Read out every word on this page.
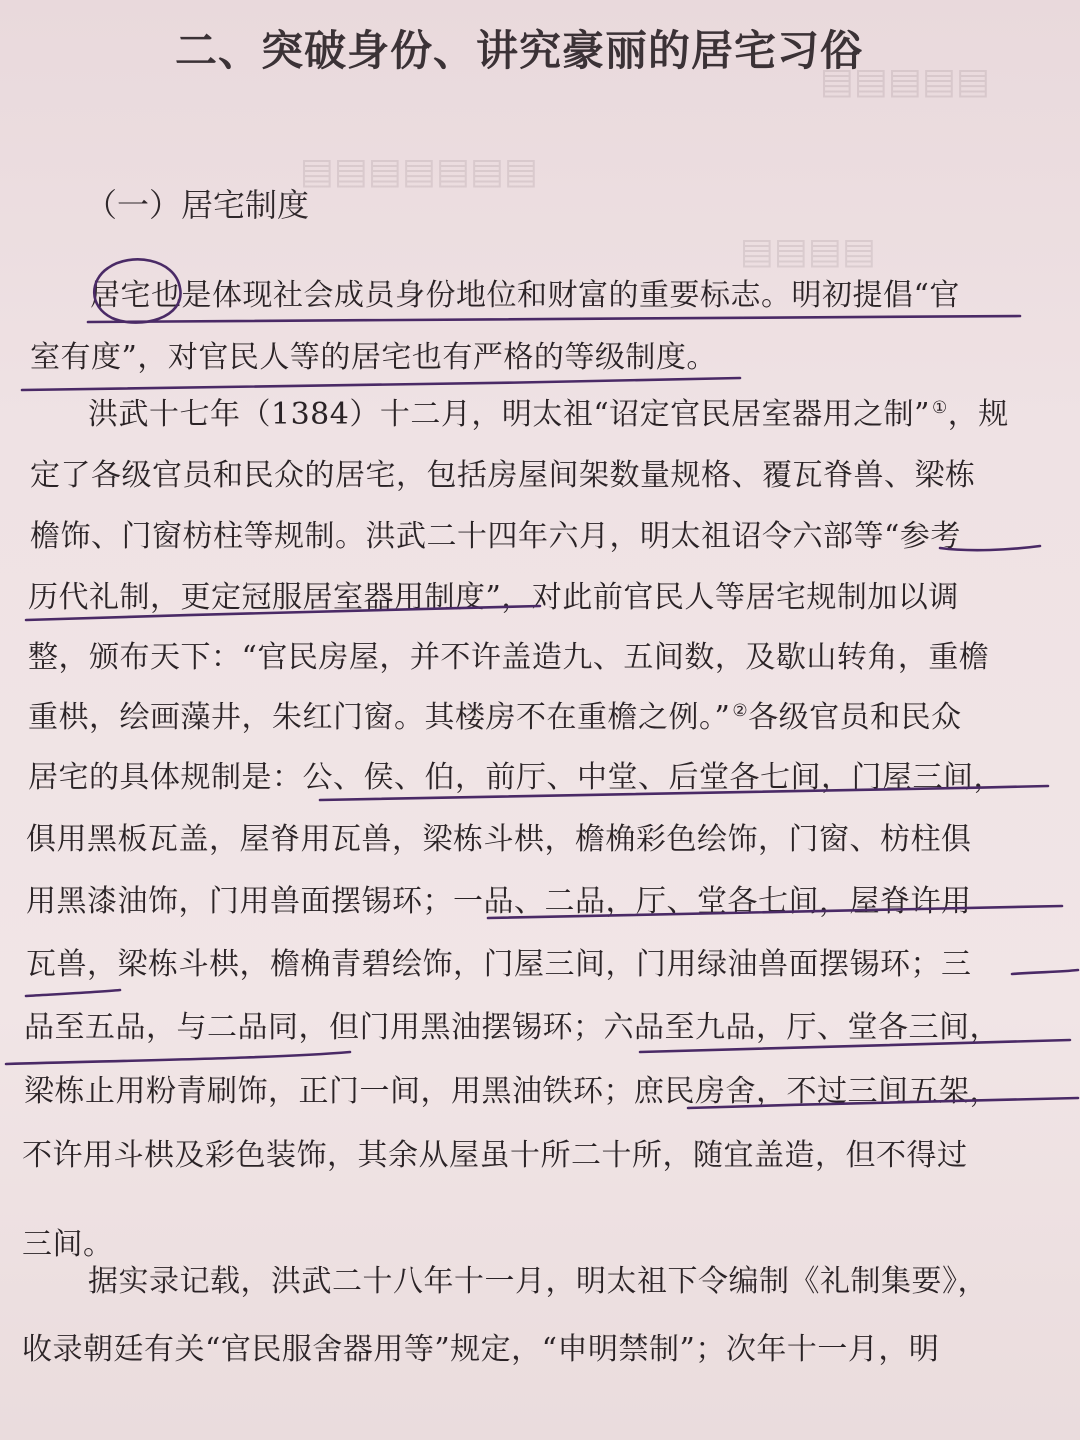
▤▤▤▤▤
▤▤▤▤▤▤▤
▤▤▤▤
二、突破身份、讲究豪丽的居宅习俗
（一）居宅制度
居宅也是体现社会成员身份地位和财富的重要标志。明初提倡“官
室有度”，对官民人等的居宅也有严格的等级制度。
洪武十七年（1384）十二月，明太祖“诏定官民居室器用之制” ①，规
定了各级官员和民众的居宅，包括房屋间架数量规格、覆瓦脊兽、梁栋
檐饰、门窗枋柱等规制。洪武二十四年六月，明太祖诏令六部等“参考
历代礼制，更定冠服居室器用制度”，对此前官民人等居宅规制加以调
整，颁布天下：“官民房屋，并不许盖造九、五间数，及歇山转角，重檐
重栱，绘画藻井，朱红门窗。其楼房不在重檐之例。” ②各级官员和民众
居宅的具体规制是：公、侯、伯，前厅、中堂、后堂各七间，门屋三间，
俱用黑板瓦盖，屋脊用瓦兽，梁栋斗栱，檐桷彩色绘饰，门窗、枋柱俱
用黑漆油饰，门用兽面摆锡环；一品、二品，厅、堂各七间，屋脊许用
瓦兽，梁栋斗栱，檐桷青碧绘饰，门屋三间，门用绿油兽面摆锡环；三
品至五品，与二品同，但门用黑油摆锡环；六品至九品，厅、堂各三间，
梁栋止用粉青刷饰，正门一间，用黑油铁环；庶民房舍，不过三间五架，
不许用斗栱及彩色装饰，其余从屋虽十所二十所，随宜盖造，但不得过
三间。
据实录记载，洪武二十八年十一月，明太祖下令编制《礼制集要》，
收录朝廷有关“官民服舍器用等”规定，“申明禁制”；次年十一月，明
